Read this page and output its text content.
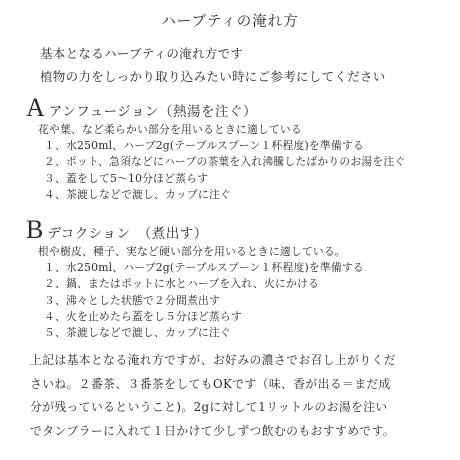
ハーブティの淹れ方
基本となるハーブティの淹れ方です
植物の力をしっかり取り込みたい時にご参考にしてください
A アンフュージョン（熱湯を注ぐ）
花や葉、など柔らかい部分を用いるときに適している
１、水250ml、ハーブ2g(テーブルスプーン１杯程度)を準備する
２、ポット、急須などにハーブの茶葉を入れ沸騰したばかりのお湯を注ぐ
３、蓋をして5～10分ほど蒸らす
４、茶漉しなどで漉し、カップに注ぐ
B デコクション　（煮出す）
根や樹皮、種子、実など硬い部分を用いるときに適している。
１、水250ml、ハーブ2g(テーブルスプーン１杯程度)を準備する
２、鍋、またはポットに水とハーブを入れ、火にかける
３、沸々とした状態で２分間煮出す
４、火を止めたら蓋をし５分ほど蒸らす
５、茶漉しなどで漉し、カップに注ぐ
上記は基本となる淹れ方ですが、お好みの濃さでお召し上がりくだ
さいね。２番茶、３番茶をしてもOKです（味、香が出る＝まだ成
分が残っているということ)。2gに対して1リットルのお湯を注い
でタンブラーに入れて１日かけて少しずつ飲むのもおすすめです。
